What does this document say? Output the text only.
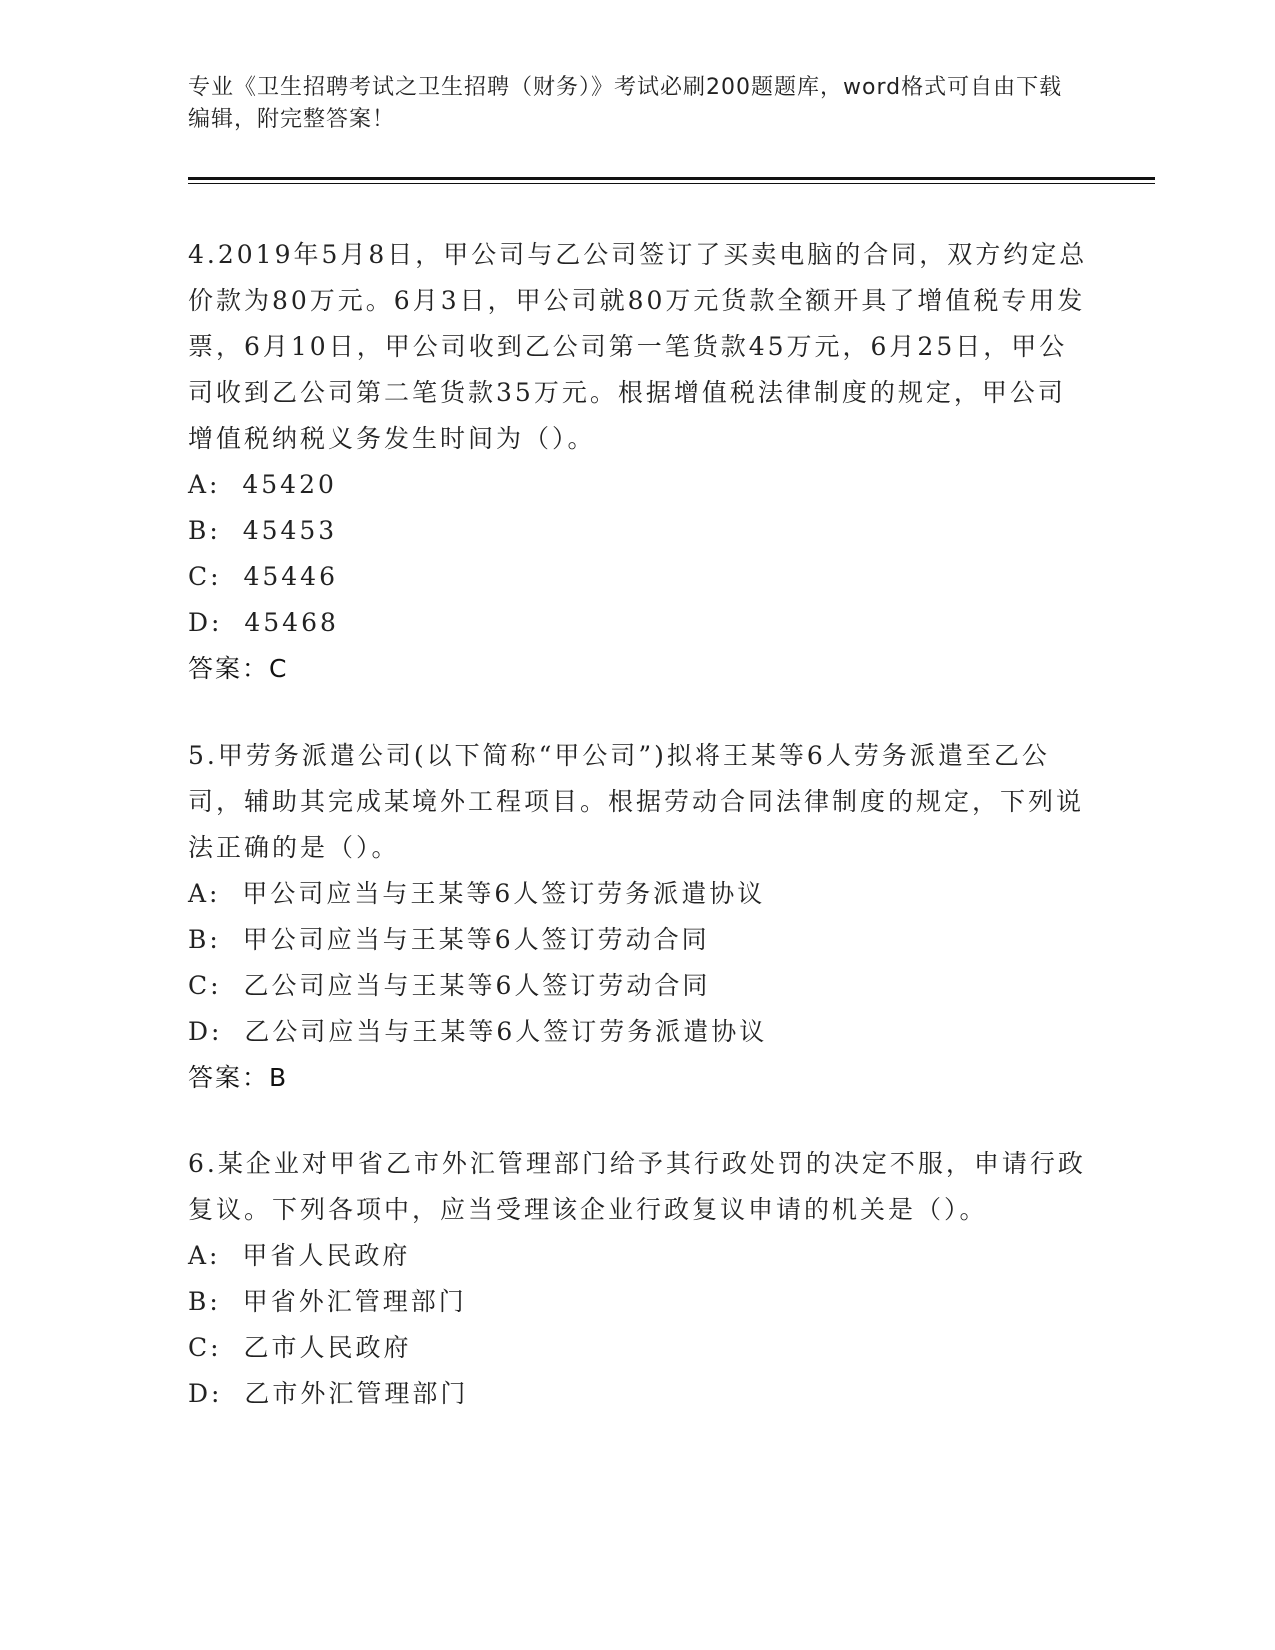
专业《卫生招聘考试之卫生招聘（财务）》考试必刷200题题库，word格式可自由下载编辑，附完整答案！

4.2019年5月8日，甲公司与乙公司签订了买卖电脑的合同，双方约定总价款为80万元。6月3日，甲公司就80万元货款全额开具了增值税专用发票，6月10日，甲公司收到乙公司第一笔货款45万元，6月25日，甲公司收到乙公司第二笔货款35万元。根据增值税法律制度的规定，甲公司增值税纳税义务发生时间为（）。

A:  45420

B:  45453

C:  45446

D:  45468

答案：C

5.甲劳务派遣公司(以下简称“甲公司”)拟将王某等6人劳务派遣至乙公司，辅助其完成某境外工程项目。根据劳动合同法律制度的规定，下列说法正确的是（）。

A:  甲公司应当与王某等6人签订劳务派遣协议

B:  甲公司应当与王某等6人签订劳动合同

C:  乙公司应当与王某等6人签订劳动合同

D:  乙公司应当与王某等6人签订劳务派遣协议

答案：B

6.某企业对甲省乙市外汇管理部门给予其行政处罚的决定不服，申请行政复议。下列各项中，应当受理该企业行政复议申请的机关是（）。

A:  甲省人民政府

B:  甲省外汇管理部门

C:  乙市人民政府

D:  乙市外汇管理部门
